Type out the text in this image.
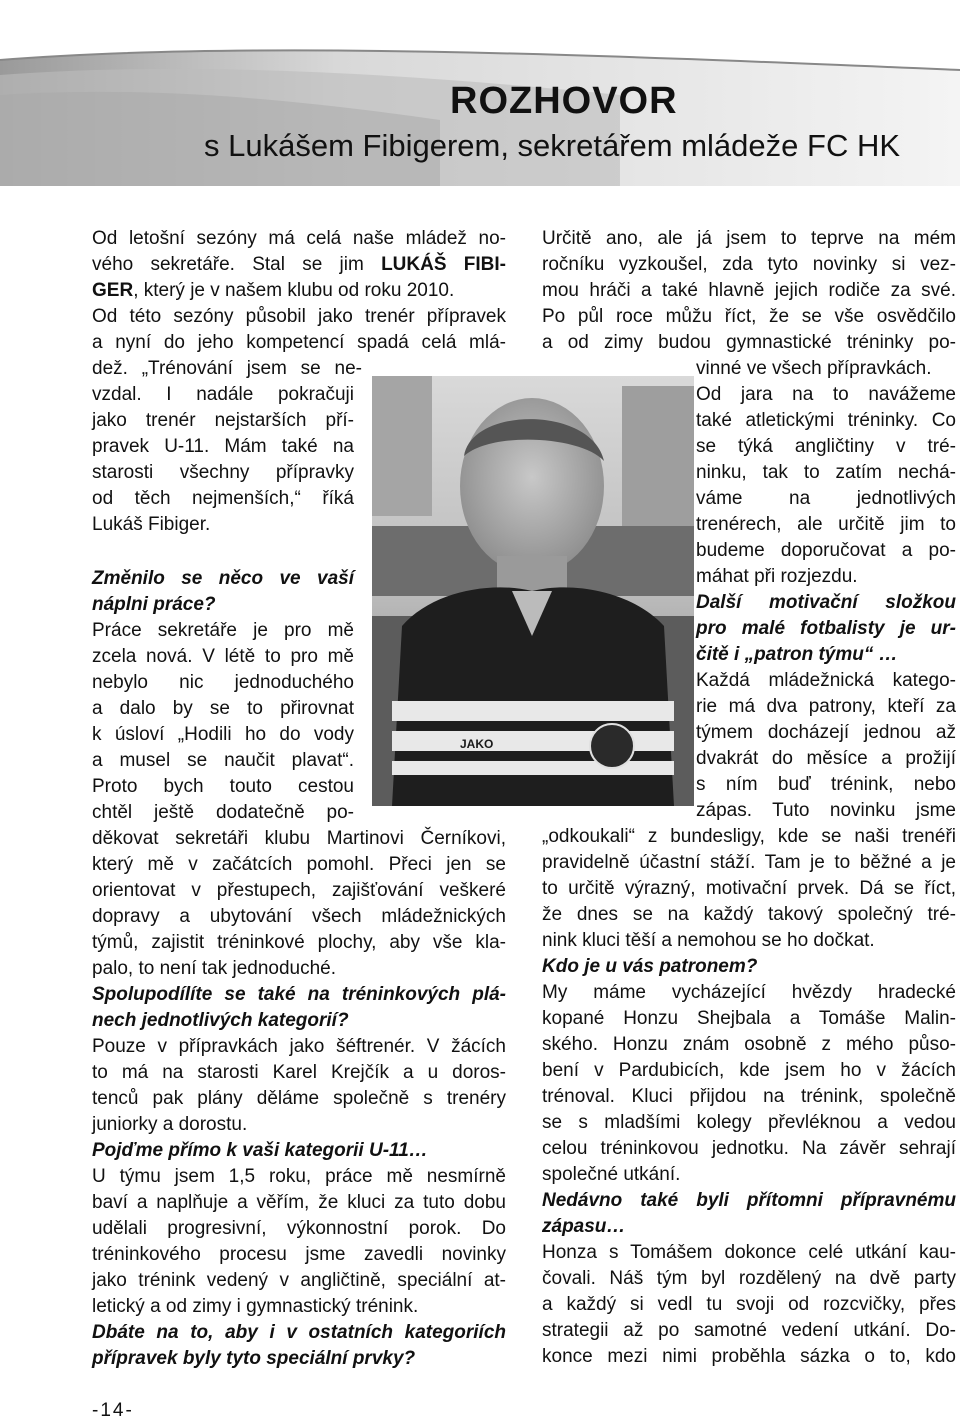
ROZHOVOR
s Lukášem Fibigerem, sekretářem mládeže FC HK
JAKO
Od letošní sezóny má celá naše mládež no-
vého sekretáře. Stal se jim LUKÁŠ FIBI-
GER, který je v našem klubu od roku 2010.
Od této sezóny působil jako trenér přípravek
a nyní do jeho kompetencí spadá celá mlá-
dež. „Trénování jsem se ne-
vzdal. I nadále pokračuji
jako trenér nejstarších pří-
pravek U-11. Mám také na
starosti všechny přípravky
od těch nejmenších,“ říká
Lukáš Fibiger.
Změnilo se něco ve vaší
náplni práce?
Práce sekretáře je pro mě
zcela nová. V létě to pro mě
nebylo nic jednoduchého
a dalo by se to přirovnat
k úsloví „Hodili ho do vody
a musel se naučit plavat“.
Proto bych touto cestou
chtěl ještě dodatečně po-
děkovat sekretáři klubu Martinovi Černíkovi,
který mě v začátcích pomohl. Přeci jen se
orientovat v přestupech, zajišťování veškeré
dopravy a ubytování všech mládežnických
týmů, zajistit tréninkové plochy, aby vše kla-
palo, to není tak jednoduché.
Spolupodílíte se také na tréninkových plá-
nech jednotlivých kategorií?
Pouze v přípravkách jako šéftrenér. V žácích
to má na starosti Karel Krejčík a u doros-
tenců pak plány děláme společně s trenéry
juniorky a dorostu.
Pojďme přímo k vaši kategorii U-11…
U týmu jsem 1,5 roku, práce mě nesmírně
baví a naplňuje a věřím, že kluci za tuto dobu
udělali progresivní, výkonnostní porok. Do
tréninkového procesu jsme zavedli novinky
jako trénink vedený v angličtině, speciální at-
letický a od zimy i gymnastický trénink.
Dbáte na to, aby i v ostatních kategoriích
přípravek byly tyto speciální prvky?
Určitě ano, ale já jsem to teprve na mém
ročníku vyzkoušel, zda tyto novinky si vez-
mou hráči a také hlavně jejich rodiče za své.
Po půl roce můžu říct, že se vše osvědčilo
a od zimy budou gymnastické tréninky po-
vinné ve všech přípravkách.
Od jara na to navážeme
také atletickými tréninky. Co
se týká angličtiny v tré-
ninku, tak to zatím nechá-
váme na jednotlivých
trenérech, ale určitě jim to
budeme doporučovat a po-
máhat při rozjezdu.
Další motivační složkou
pro malé fotbalisty je ur-
čitě i „patron týmu“ …
Každá mládežnická katego-
rie má dva patrony, kteří za
týmem docházejí jednou až
dvakrát do měsíce a prožijí
s ním buď trénink, nebo
zápas. Tuto novinku jsme
„odkoukali“ z bundesligy, kde se naši trenéři
pravidelně účastní stáží. Tam je to běžné a je
to určitě výrazný, motivační prvek. Dá se říct,
že dnes se na každý takový společný tré-
nink kluci těší a nemohou se ho dočkat.
Kdo je u vás patronem?
My máme vycházející hvězdy hradecké
kopané Honzu Shejbala a Tomáše Malin-
ského. Honzu znám osobně z mého půso-
bení v Pardubicích, kde jsem ho v žácích
trénoval. Kluci přijdou na trénink, společně
se s mladšími kolegy převléknou a vedou
celou tréninkovou jednotku. Na závěr sehrají
společné utkání.
Nedávno také byli přítomni přípravnému
zápasu…
Honza s Tomášem dokonce celé utkání kau-
čovali. Náš tým byl rozdělený na dvě party
a každý si vedl tu svoji od rozcvičky, přes
strategii až po samotné vedení utkání. Do-
konce mezi nimi proběhla sázka o to, kdo
-14-
